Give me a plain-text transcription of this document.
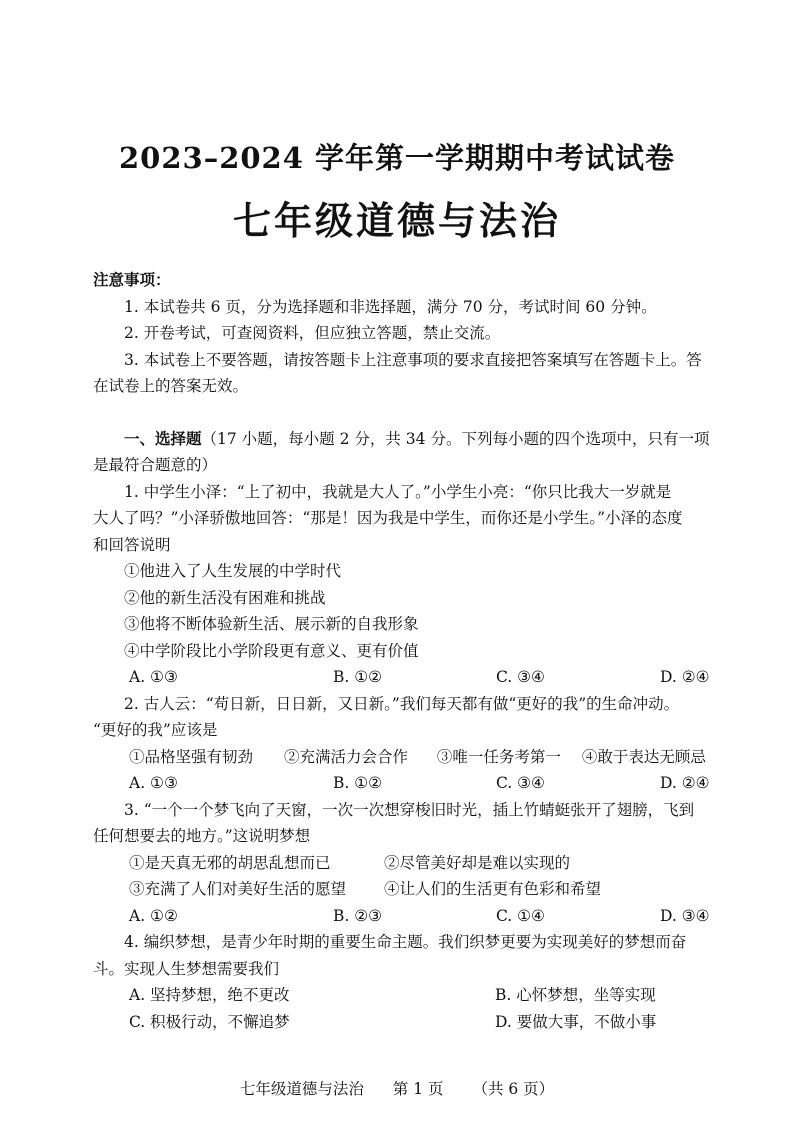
2023–2024 学年第一学期期中考试试卷
七年级道德与法治
注意事项：
1. 本试卷共 6 页，分为选择题和非选择题，满分 70 分，考试时间 60 分钟。
2. 开卷考试，可查阅资料，但应独立答题，禁止交流。
3. 本试卷上不要答题，请按答题卡上注意事项的要求直接把答案填写在答题卡上。答
在试卷上的答案无效。
一、选择题（17 小题，每小题 2 分，共 34 分。下列每小题的四个选项中，只有一项
是最符合题意的）
1. 中学生小泽：“上了初中，我就是大人了。”小学生小亮：“你只比我大一岁就是
大人了吗？”小泽骄傲地回答：“那是！因为我是中学生，而你还是小学生。”小泽的态度
和回答说明
①他进入了人生发展的中学时代
②他的新生活没有困难和挑战
③他将不断体验新生活、展示新的自我形象
④中学阶段比小学阶段更有意义、更有价值
A. ①③	B. ①②	C. ③④	D. ②④
2. 古人云：“苟日新，日日新，又日新。”我们每天都有做“更好的我”的生命冲动。
“更好的我”应该是
①品格坚强有韧劲 ②充满活力会合作 ③唯一任务考第一 ④敢于表达无顾忌
A. ①③	B. ①②	C. ③④	D. ②④
3. “一个一个梦飞向了天窗，一次一次想穿梭旧时光，插上竹蜻蜓张开了翅膀，飞到
任何想要去的地方。”这说明梦想
①是天真无邪的胡思乱想而已	②尽管美好却是难以实现的
③充满了人们对美好生活的愿望 ④让人们的生活更有色彩和希望
A. ①②	B. ②③	C. ①④	D. ③④
4. 编织梦想，是青少年时期的重要生命主题。我们织梦更要为实现美好的梦想而奋
斗。实现人生梦想需要我们
A. 坚持梦想，绝不更改	B. 心怀梦想，坐等实现
C. 积极行动，不懈追梦	D. 要做大事，不做小事
七年级道德与法治 第 1 页 （共 6 页）
